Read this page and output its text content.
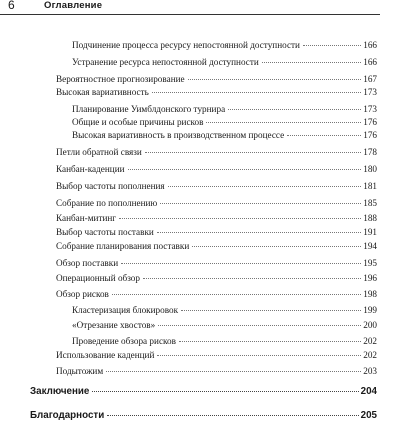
6	Оглавление
Подчинение процесса ресурсу непостоянной доступности	166
Устранение ресурса непостоянной доступности	166
Вероятностное прогнозирование	167
Высокая вариативность	173
Планирование Уимблдонского турнира	173
Общие и особые причины рисков	176
Высокая вариативность в производственном процессе	176
Петли обратной связи	178
Канбан-каденции	180
Выбор частоты пополнения	181
Собрание по пополнению	185
Канбан-митинг	188
Выбор частоты поставки	191
Собрание планирования поставки	194
Обзор поставки	195
Операционный обзор	196
Обзор рисков	198
Кластеризация блокировок	199
«Отрезание хвостов»	200
Проведение обзора рисков	202
Использование каденций	202
Подытожим	203
Заключение	204
Благодарности	205
